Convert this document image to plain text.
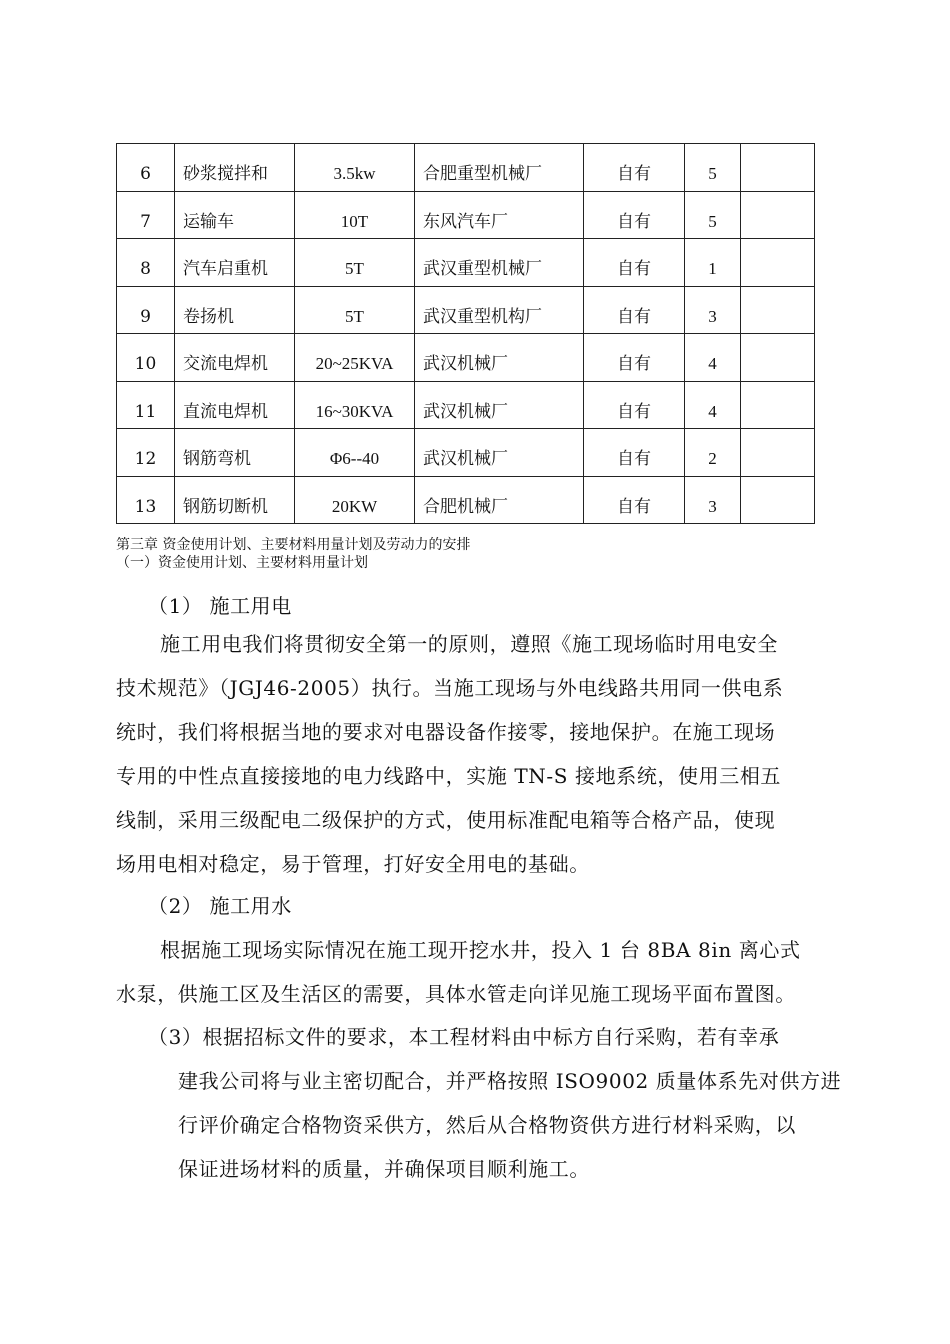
6	砂浆搅拌和	3.5kw	合肥重型机械厂	自有	5	

7	运输车	10T	东风汽车厂	自有	5	

8	汽车启重机	5T	武汉重型机械厂	自有	1	

9	卷扬机	5T	武汉重型机构厂	自有	3	

10	交流电焊机	20~25KVA	武汉机械厂	自有	4	

11	直流电焊机	16~30KVA	武汉机械厂	自有	4	

12	钢筋弯机	Φ6--40	武汉机械厂	自有	2	

13	钢筋切断机	20KW	合肥机械厂	自有	3	

第三章 资金使用计划、主要材料用量计划及劳动力的安排
（一）资金使用计划、主要材料用量计划
（1） 施工用电
施工用电我们将贯彻安全第一的原则，遵照《施工现场临时用电安全
技术规范》（JGJ46-2005）执行。当施工现场与外电线路共用同一供电系
统时，我们将根据当地的要求对电器设备作接零，接地保护。在施工现场
专用的中性点直接接地的电力线路中，实施 TN-S 接地系统，使用三相五
线制，采用三级配电二级保护的方式，使用标准配电箱等合格产品，使现
场用电相对稳定，易于管理，打好安全用电的基础。
（2） 施工用水
根据施工现场实际情况在施工现开挖水井，投入 1 台 8BA 8in 离心式
水泵，供施工区及生活区的需要，具体水管走向详见施工现场平面布置图。
（3）根据招标文件的要求，本工程材料由中标方自行采购，若有幸承
建我公司将与业主密切配合，并严格按照 ISO9002 质量体系先对供方进
行评价确定合格物资采供方，然后从合格物资供方进行材料采购，以
保证进场材料的质量，并确保项目顺利施工。
